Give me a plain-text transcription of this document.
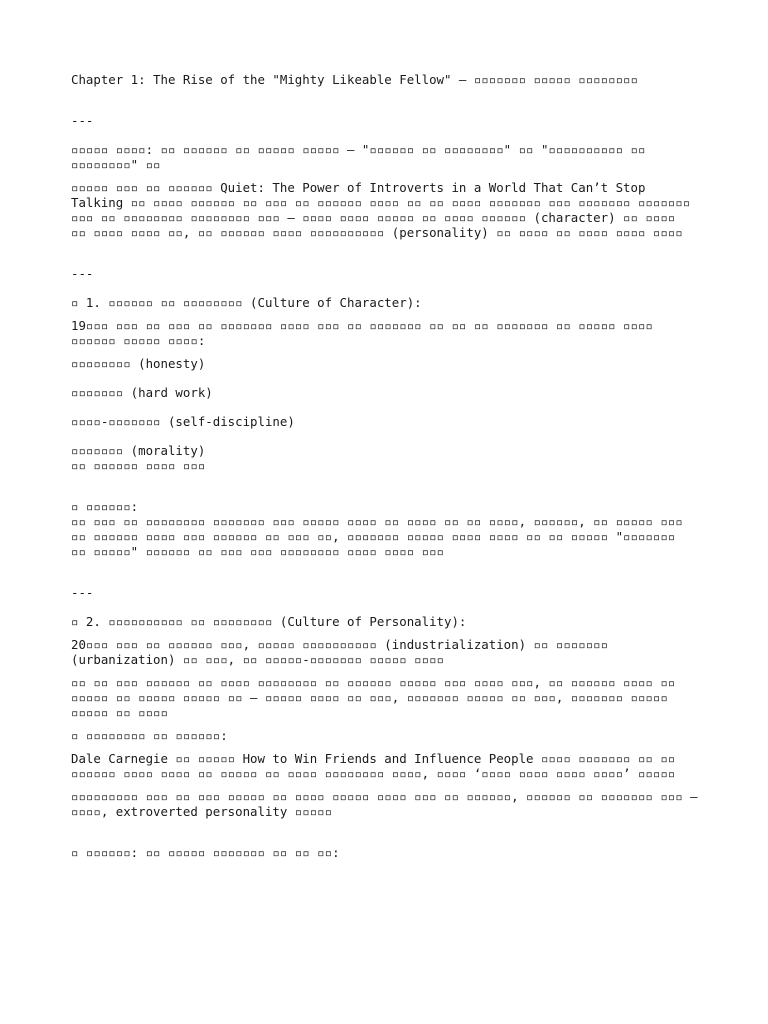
Chapter 1: The Rise of the "Mighty Likeable Fellow" — ▫▫▫▫▫▫▫ ▫▫▫▫▫ ▫▫▫▫▫▫▫▫

---

▫▫▫▫▫ ▫▫▫▫: ▫▫ ▫▫▫▫▫▫ ▫▫ ▫▫▫▫▫ ▫▫▫▫▫ — "▫▫▫▫▫▫ ▫▫ ▫▫▫▫▫▫▫▫" ▫▫ "▫▫▫▫▫▫▫▫▫▫ ▫▫

▫▫▫▫▫▫▫▫" ▫▫

▫▫▫▫▫ ▫▫▫ ▫▫ ▫▫▫▫▫▫ Quiet: The Power of Introverts in a World That Can’t Stop

Talking ▫▫ ▫▫▫▫ ▫▫▫▫▫▫ ▫▫ ▫▫▫ ▫▫ ▫▫▫▫▫▫ ▫▫▫▫ ▫▫ ▫▫ ▫▫▫▫ ▫▫▫▫▫▫▫ ▫▫▫ ▫▫▫▫▫▫▫ ▫▫▫▫▫▫▫

▫▫▫ ▫▫ ▫▫▫▫▫▫▫▫ ▫▫▫▫▫▫▫▫ ▫▫▫ — ▫▫▫▫ ▫▫▫▫ ▫▫▫▫▫ ▫▫ ▫▫▫▫ ▫▫▫▫▫▫ (character) ▫▫ ▫▫▫▫

▫▫ ▫▫▫▫ ▫▫▫▫ ▫▫, ▫▫ ▫▫▫▫▫▫ ▫▫▫▫ ▫▫▫▫▫▫▫▫▫▫ (personality) ▫▫ ▫▫▫▫ ▫▫ ▫▫▫▫ ▫▫▫▫ ▫▫▫▫

---

▫ 1. ▫▫▫▫▫▫ ▫▫ ▫▫▫▫▫▫▫▫ (Culture of Character):

19▫▫▫ ▫▫▫ ▫▫ ▫▫▫ ▫▫ ▫▫▫▫▫▫▫ ▫▫▫▫ ▫▫▫ ▫▫ ▫▫▫▫▫▫▫ ▫▫ ▫▫ ▫▫ ▫▫▫▫▫▫▫ ▫▫ ▫▫▫▫▫ ▫▫▫▫

▫▫▫▫▫▫ ▫▫▫▫▫ ▫▫▫▫:

▫▫▫▫▫▫▫▫ (honesty)

▫▫▫▫▫▫▫ (hard work)

▫▫▫▫-▫▫▫▫▫▫▫ (self-discipline)

▫▫▫▫▫▫▫ (morality)

▫▫ ▫▫▫▫▫▫ ▫▫▫▫ ▫▫▫

▫ ▫▫▫▫▫▫:

▫▫ ▫▫▫ ▫▫ ▫▫▫▫▫▫▫▫ ▫▫▫▫▫▫▫ ▫▫▫ ▫▫▫▫▫ ▫▫▫▫ ▫▫ ▫▫▫▫ ▫▫ ▫▫ ▫▫▫▫, ▫▫▫▫▫▫, ▫▫ ▫▫▫▫▫ ▫▫▫

▫▫ ▫▫▫▫▫▫ ▫▫▫▫ ▫▫▫ ▫▫▫▫▫▫ ▫▫ ▫▫▫ ▫▫, ▫▫▫▫▫▫▫ ▫▫▫▫▫ ▫▫▫▫ ▫▫▫▫ ▫▫ ▫▫ ▫▫▫▫▫ "▫▫▫▫▫▫▫

▫▫ ▫▫▫▫▫" ▫▫▫▫▫▫ ▫▫ ▫▫▫ ▫▫▫ ▫▫▫▫▫▫▫▫ ▫▫▫▫ ▫▫▫▫ ▫▫▫

---

▫ 2. ▫▫▫▫▫▫▫▫▫▫ ▫▫ ▫▫▫▫▫▫▫▫ (Culture of Personality):

20▫▫▫ ▫▫▫ ▫▫ ▫▫▫▫▫▫ ▫▫▫, ▫▫▫▫▫ ▫▫▫▫▫▫▫▫▫▫ (industrialization) ▫▫ ▫▫▫▫▫▫▫

(urbanization) ▫▫ ▫▫▫, ▫▫ ▫▫▫▫▫-▫▫▫▫▫▫▫ ▫▫▫▫▫ ▫▫▫▫

▫▫ ▫▫ ▫▫▫ ▫▫▫▫▫▫ ▫▫ ▫▫▫▫ ▫▫▫▫▫▫▫▫ ▫▫ ▫▫▫▫▫▫ ▫▫▫▫▫ ▫▫▫ ▫▫▫▫ ▫▫▫, ▫▫ ▫▫▫▫▫▫ ▫▫▫▫ ▫▫

▫▫▫▫▫ ▫▫ ▫▫▫▫▫ ▫▫▫▫▫ ▫▫ — ▫▫▫▫▫ ▫▫▫▫ ▫▫ ▫▫▫, ▫▫▫▫▫▫▫ ▫▫▫▫▫ ▫▫ ▫▫▫, ▫▫▫▫▫▫▫ ▫▫▫▫▫

▫▫▫▫▫ ▫▫ ▫▫▫▫

▫ ▫▫▫▫▫▫▫▫ ▫▫ ▫▫▫▫▫▫:

Dale Carnegie ▫▫ ▫▫▫▫▫ How to Win Friends and Influence People ▫▫▫▫ ▫▫▫▫▫▫▫ ▫▫ ▫▫

▫▫▫▫▫▫ ▫▫▫▫ ▫▫▫▫ ▫▫ ▫▫▫▫▫ ▫▫ ▫▫▫▫ ▫▫▫▫▫▫▫▫ ▫▫▫▫, ▫▫▫▫ ‘▫▫▫▫ ▫▫▫▫ ▫▫▫▫ ▫▫▫▫’ ▫▫▫▫▫

▫▫▫▫▫▫▫▫▫ ▫▫▫ ▫▫ ▫▫▫ ▫▫▫▫▫ ▫▫ ▫▫▫▫ ▫▫▫▫▫ ▫▫▫▫ ▫▫▫ ▫▫ ▫▫▫▫▫▫, ▫▫▫▫▫▫ ▫▫ ▫▫▫▫▫▫▫ ▫▫▫ —

▫▫▫▫, extroverted personality ▫▫▫▫▫

▫ ▫▫▫▫▫▫: ▫▫ ▫▫▫▫▫ ▫▫▫▫▫▫▫ ▫▫ ▫▫ ▫▫:
